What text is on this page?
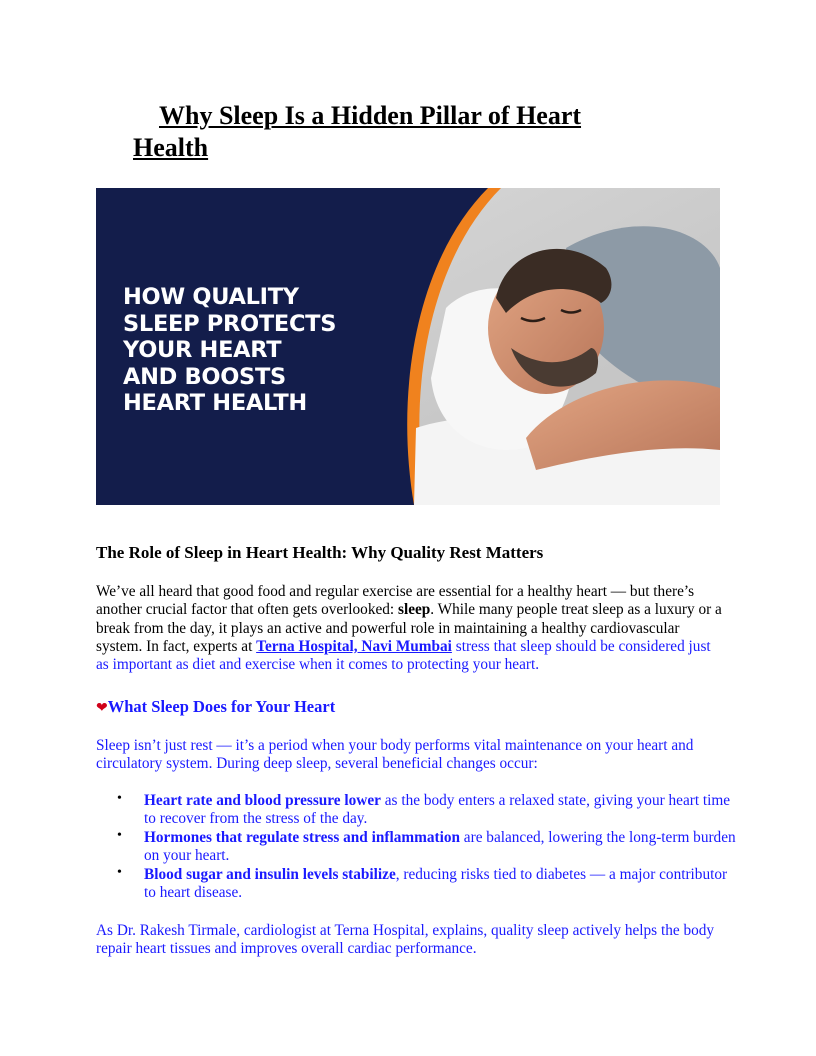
Why Sleep Is a Hidden Pillar of Heart Health
HOW QUALITY
SLEEP PROTECTS
YOUR HEART
AND BOOSTS
HEART HEALTH
The Role of Sleep in Heart Health: Why Quality Rest Matters

We’ve all heard that good food and regular exercise are essential for a healthy heart — but there’s another crucial factor that often gets overlooked: sleep. While many people treat sleep as a luxury or a break from the day, it plays an active and powerful role in maintaining a healthy cardiovascular system. In fact, experts at Terna Hospital, Navi Mumbai stress that sleep should be considered just as important as diet and exercise when it comes to protecting your heart.

❤What Sleep Does for Your Heart

Sleep isn’t just rest — it’s a period when your body performs vital maintenance on your heart and circulatory system. During deep sleep, several beneficial changes occur:

• Heart rate and blood pressure lower as the body enters a relaxed state, giving your heart time to recover from the stress of the day.
• Hormones that regulate stress and inflammation are balanced, lowering the long-term burden on your heart.
• Blood sugar and insulin levels stabilize, reducing risks tied to diabetes — a major contributor to heart disease.

As Dr. Rakesh Tirmale, cardiologist at Terna Hospital, explains, quality sleep actively helps the body repair heart tissues and improves overall cardiac performance.
